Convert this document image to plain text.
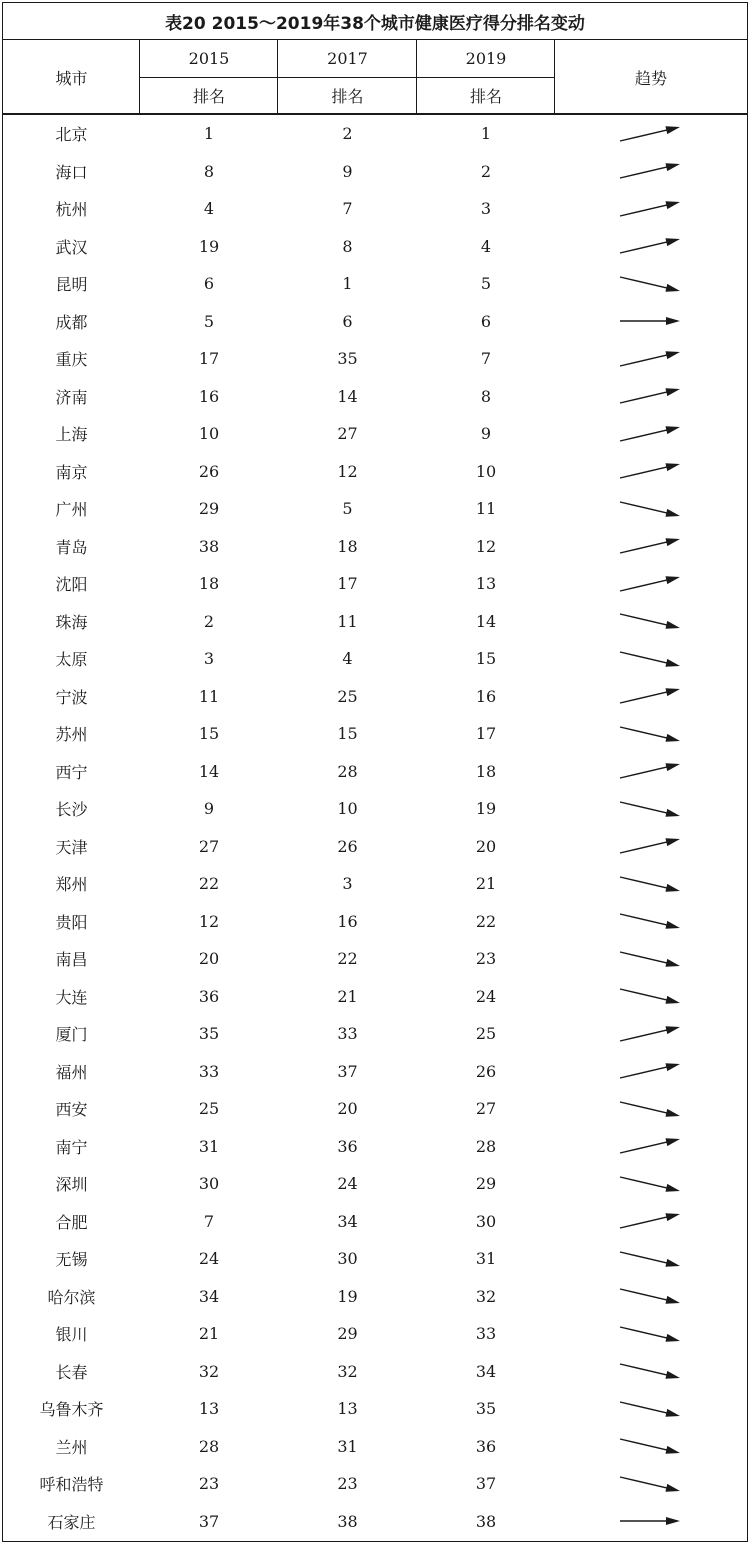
表20 2015～2019年38个城市健康医疗得分排名变动
城市
2015	2017	2019
排名	排名	排名
趋势
北京	1	2	1
海口	8	9	2
杭州	4	7	3
武汉	19	8	4
昆明	6	1	5
成都	5	6	6
重庆	17	35	7
济南	16	14	8
上海	10	27	9
南京	26	12	10
广州	29	5	11
青岛	38	18	12
沈阳	18	17	13
珠海	2	11	14
太原	3	4	15
宁波	11	25	16
苏州	15	15	17
西宁	14	28	18
长沙	9	10	19
天津	27	26	20
郑州	22	3	21
贵阳	12	16	22
南昌	20	22	23
大连	36	21	24
厦门	35	33	25
福州	33	37	26
西安	25	20	27
南宁	31	36	28
深圳	30	24	29
合肥	7	34	30
无锡	24	30	31
哈尔滨	34	19	32
银川	21	29	33
长春	32	32	34
乌鲁木齐	13	13	35
兰州	28	31	36
呼和浩特	23	23	37
石家庄	37	38	38
